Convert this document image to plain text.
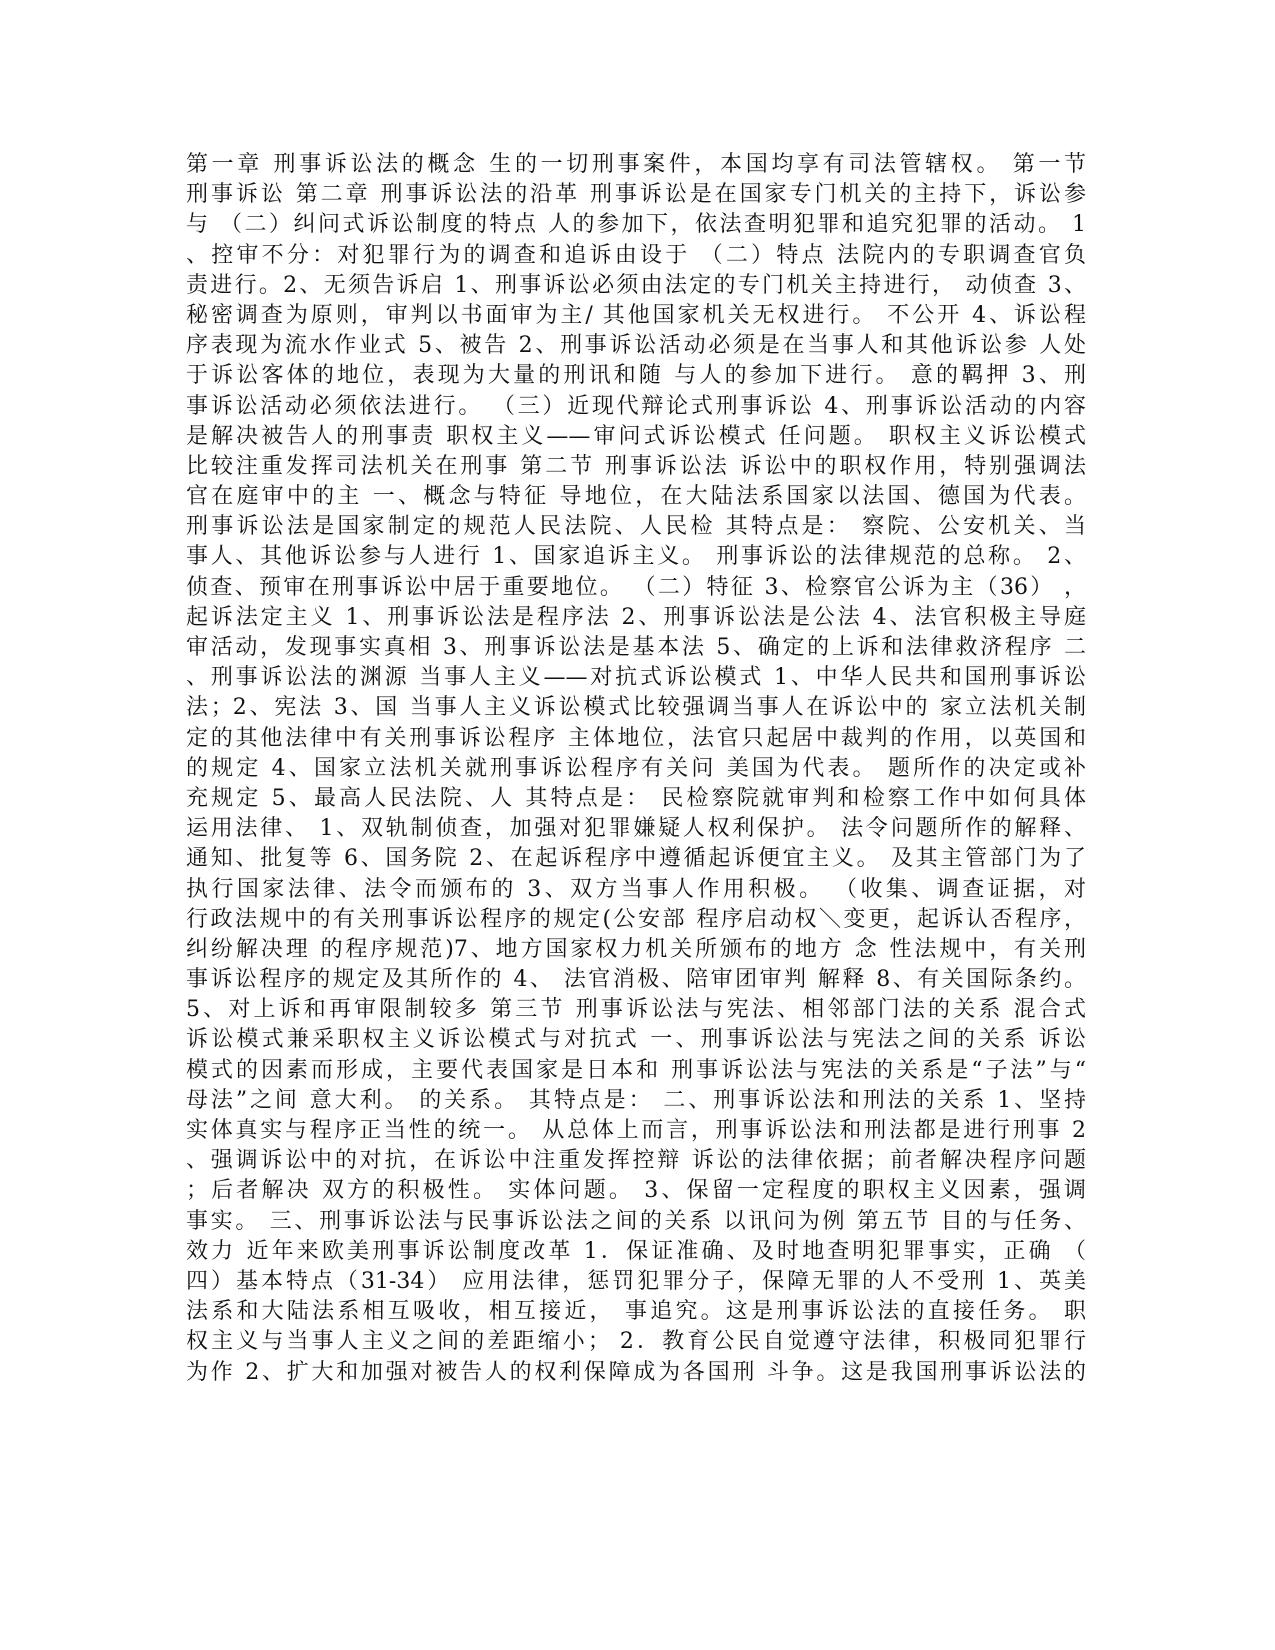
第一章 刑事诉讼法的概念 生的一切刑事案件，本国均享有司法管辖权。 第一节
刑事诉讼 第二章 刑事诉讼法的沿革 刑事诉讼是在国家专门机关的主持下，诉讼参
与 （二）纠问式诉讼制度的特点 人的参加下，依法查明犯罪和追究犯罪的活动。 1
、控审不分：对犯罪行为的调查和追诉由设于 （二）特点 法院内的专职调查官负
责进行。2、无须告诉启 1、刑事诉讼必须由法定的专门机关主持进行， 动侦查 3、
秘密调查为原则，审判以书面审为主/ 其他国家机关无权进行。 不公开 4、诉讼程
序表现为流水作业式 5、被告 2、刑事诉讼活动必须是在当事人和其他诉讼参 人处
于诉讼客体的地位，表现为大量的刑讯和随 与人的参加下进行。 意的羁押 3、刑
事诉讼活动必须依法进行。 （三）近现代辩论式刑事诉讼 4、刑事诉讼活动的内容
是解决被告人的刑事责 职权主义——审问式诉讼模式 任问题。 职权主义诉讼模式
比较注重发挥司法机关在刑事 第二节 刑事诉讼法 诉讼中的职权作用，特别强调法
官在庭审中的主 一、概念与特征 导地位，在大陆法系国家以法国、德国为代表。
刑事诉讼法是国家制定的规范人民法院、人民检 其特点是： 察院、公安机关、当
事人、其他诉讼参与人进行 1、国家追诉主义。 刑事诉讼的法律规范的总称。 2、
侦查、预审在刑事诉讼中居于重要地位。 （二）特征 3、检察官公诉为主（36） ，
起诉法定主义 1、刑事诉讼法是程序法 2、刑事诉讼法是公法 4、法官积极主导庭
审活动，发现事实真相 3、刑事诉讼法是基本法 5、确定的上诉和法律救济程序 二
、刑事诉讼法的渊源 当事人主义——对抗式诉讼模式 1、中华人民共和国刑事诉讼
法；2、宪法 3、国 当事人主义诉讼模式比较强调当事人在诉讼中的 家立法机关制
定的其他法律中有关刑事诉讼程序 主体地位，法官只起居中裁判的作用，以英国和
的规定 4、国家立法机关就刑事诉讼程序有关问 美国为代表。 题所作的决定或补
充规定 5、最高人民法院、人 其特点是： 民检察院就审判和检察工作中如何具体
运用法律、 1、双轨制侦查，加强对犯罪嫌疑人权利保护。 法令问题所作的解释、
通知、批复等 6、国务院 2、在起诉程序中遵循起诉便宜主义。 及其主管部门为了
执行国家法律、法令而颁布的 3、双方当事人作用积极。 （收集、调查证据，对
行政法规中的有关刑事诉讼程序的规定(公安部 程序启动权＼变更，起诉认否程序，
纠纷解决理 的程序规范)7、地方国家权力机关所颁布的地方 念 性法规中，有关刑
事诉讼程序的规定及其所作的 4、 法官消极、陪审团审判 解释 8、有关国际条约。
5、对上诉和再审限制较多 第三节 刑事诉讼法与宪法、相邻部门法的关系 混合式
诉讼模式兼采职权主义诉讼模式与对抗式 一、刑事诉讼法与宪法之间的关系 诉讼
模式的因素而形成，主要代表国家是日本和 刑事诉讼法与宪法的关系是“子法”与“
母法”之间 意大利。 的关系。 其特点是： 二、刑事诉讼法和刑法的关系 1、坚持
实体真实与程序正当性的统一。 从总体上而言，刑事诉讼法和刑法都是进行刑事 2
、强调诉讼中的对抗，在诉讼中注重发挥控辩 诉讼的法律依据；前者解决程序问题
；后者解决 双方的积极性。 实体问题。 3、保留一定程度的职权主义因素，强调
事实。 三、刑事诉讼法与民事诉讼法之间的关系 以讯问为例 第五节 目的与任务、
效力 近年来欧美刑事诉讼制度改革 1．保证准确、及时地查明犯罪事实，正确 （
四）基本特点（31-34） 应用法律，惩罚犯罪分子，保障无罪的人不受刑 1、英美
法系和大陆法系相互吸收，相互接近， 事追究。这是刑事诉讼法的直接任务。 职
权主义与当事人主义之间的差距缩小； 2．教育公民自觉遵守法律，积极同犯罪行
为作 2、扩大和加强对被告人的权利保障成为各国刑 斗争。这是我国刑事诉讼法的
